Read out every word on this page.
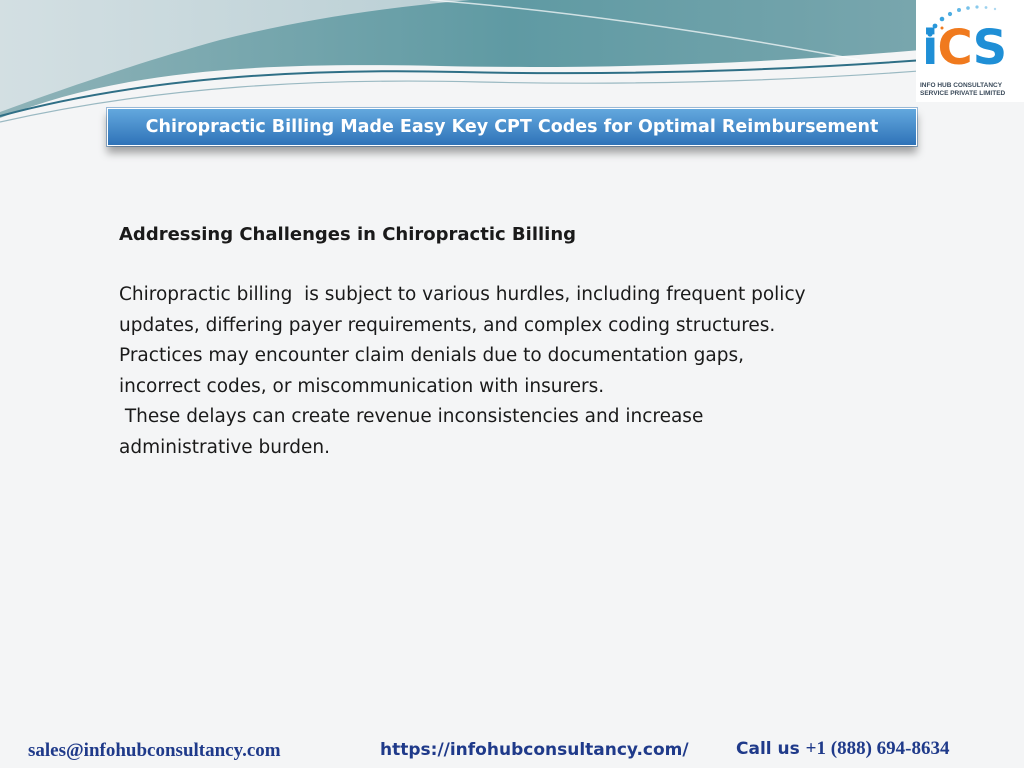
iCS
INFO HUB CONSULTANCY
SERVICE PRIVATE LIMITED
Chiropractic Billing Made Easy Key CPT Codes for Optimal Reimbursement
Addressing Challenges in Chiropractic Billing
Chiropractic billing  is subject to various hurdles, including frequent policy
updates, differing payer requirements, and complex coding structures.
Practices may encounter claim denials due to documentation gaps,
incorrect codes, or miscommunication with insurers.
These delays can create revenue inconsistencies and increase
administrative burden.
sales@infohubconsultancy.com	https://infohubconsultancy.com/	Call us +1 (888) 694-8634
